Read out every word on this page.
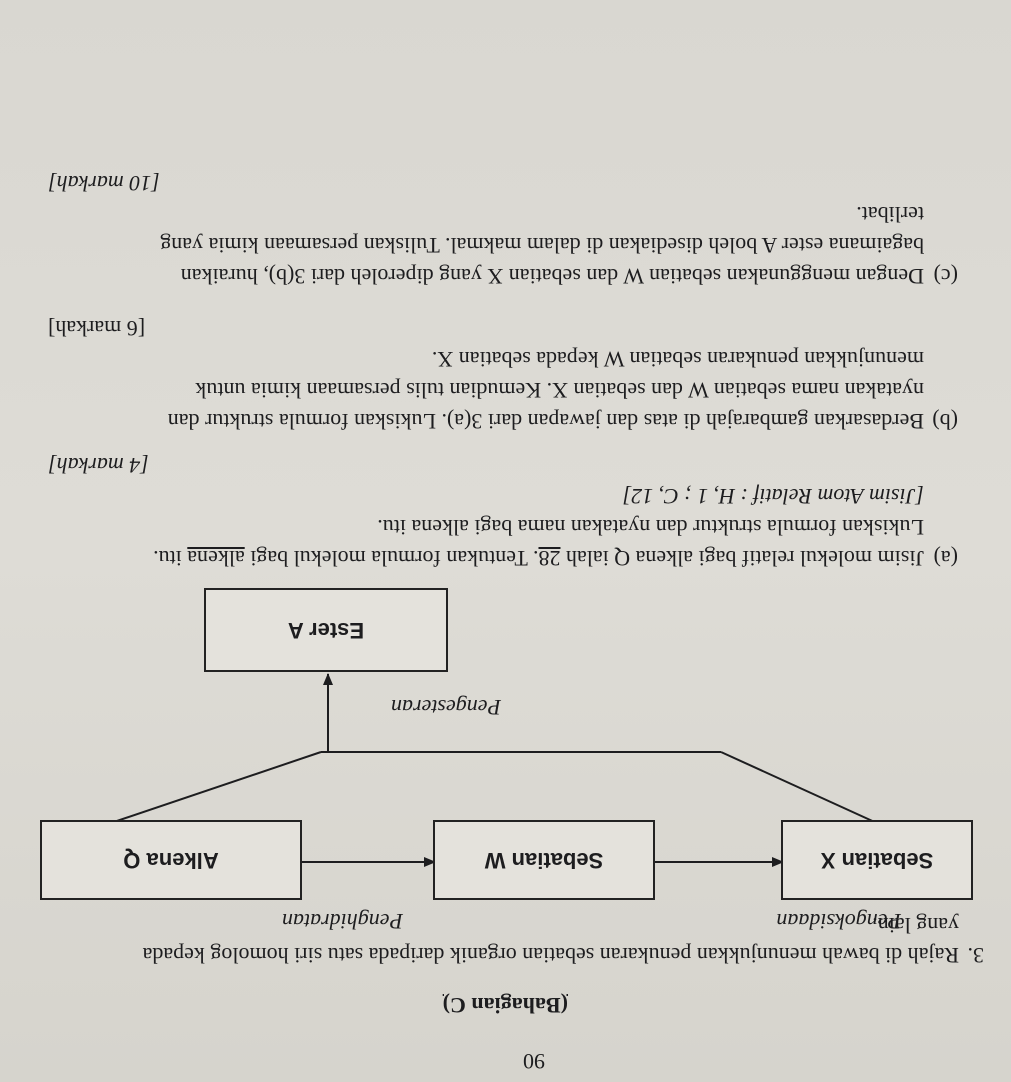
90
(Bahagian C)
3.
Rajah di bawah menunjukkan penukaran sebatian organik daripada satu siri homolog kepada
yang lain.
Sebatian X
Sebatian W
Alkena Q
Ester A
Pengoksidaan
Penghidratan
Pengesteran
(a)
Jisim molekul relatif bagi alkena Q ialah 28. Tentukan formula molekul bagi alkena itu.
Lukiskan formula struktur dan nyatakan nama bagi alkena itu.
[Jisim Atom Relatif : H, 1 ; C, 12]
[4 markah]
(b)
Berdasarkan gambarajah di atas dan jawapan dari 3(a). Lukiskan formula struktur dan
nyatakan nama sebatian W dan sebatian X. Kemudian tulis persamaan kimia untuk
menunjukkan penukaran sebatian W kepada sebatian X.
[6 markah]
(c)
Dengan menggunakan sebatian W dan sebatian X yang diperoleh dari 3(b), huraikan
bagaimana ester A boleh disediakan di dalam makmal. Tuliskan persamaan kimia yang
terlibat.
[10 markah]
